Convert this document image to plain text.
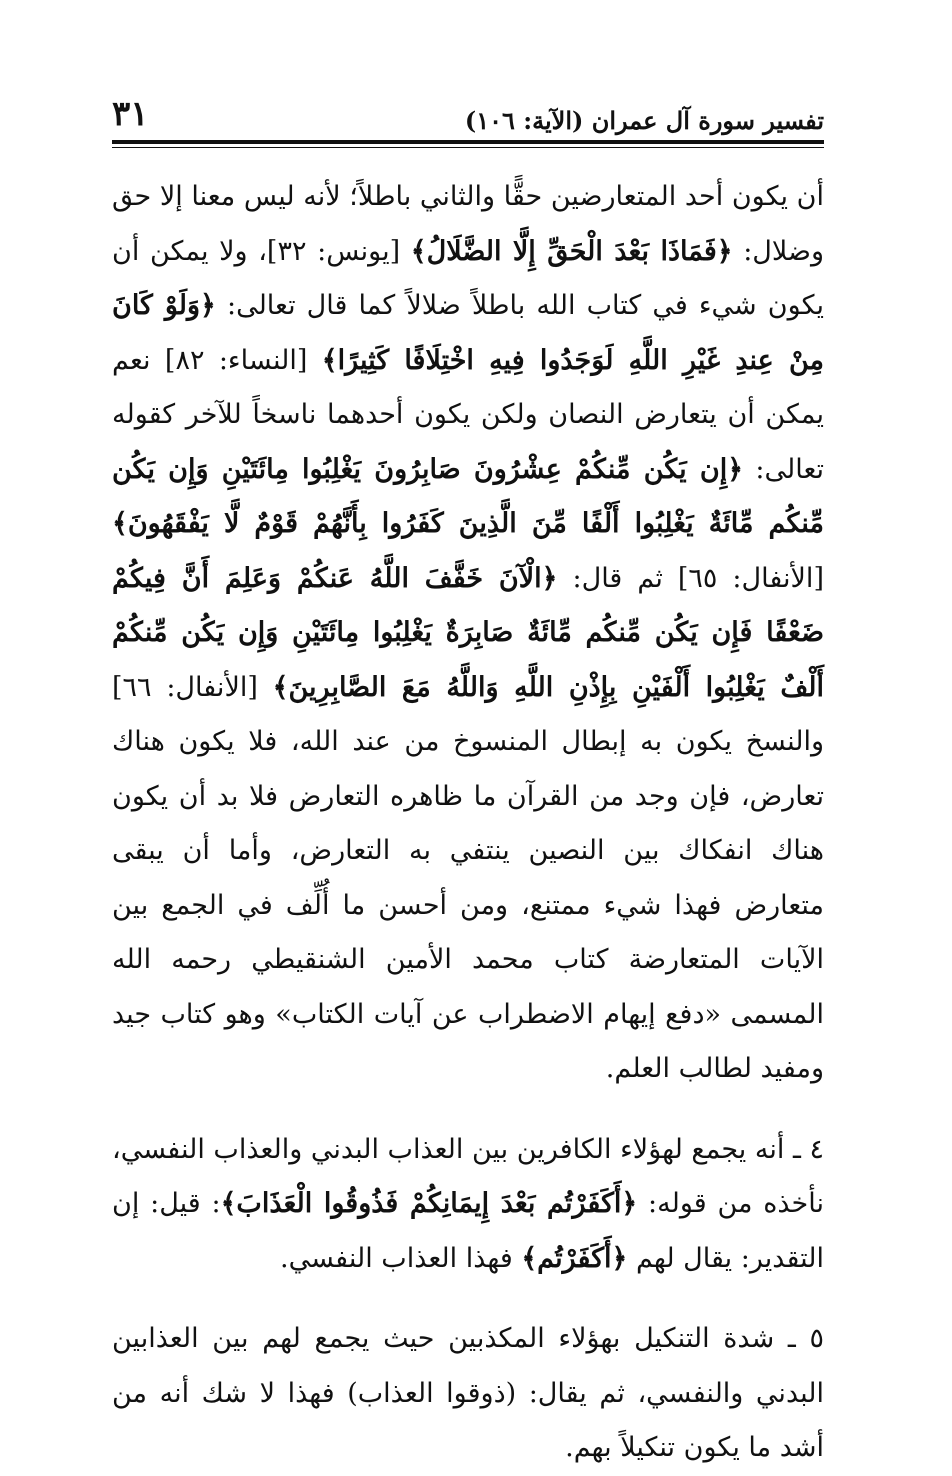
تفسير سورة آل عمران (الآية: ١٠٦)
٣١

أن يكون أحد المتعارضين حقًّا والثاني باطلاً؛ لأنه ليس معنا إلا حق وضلال: ﴿فَمَاذَا بَعْدَ الْحَقِّ إِلَّا الضَّلَالُ﴾ [يونس: ٣٢]، ولا يمكن أن يكون شيء في كتاب الله باطلاً ضلالاً كما قال تعالى: ﴿وَلَوْ كَانَ مِنْ عِندِ غَيْرِ اللَّهِ لَوَجَدُوا فِيهِ اخْتِلَافًا كَثِيرًا﴾ [النساء: ٨٢] نعم يمكن أن يتعارض النصان ولكن يكون أحدهما ناسخاً للآخر كقوله تعالى: ﴿إِن يَكُن مِّنكُمْ عِشْرُونَ صَابِرُونَ يَغْلِبُوا مِائَتَيْنِ وَإِن يَكُن مِّنكُم مِّائَةٌ يَغْلِبُوا أَلْفًا مِّنَ الَّذِينَ كَفَرُوا بِأَنَّهُمْ قَوْمٌ لَّا يَفْقَهُونَ﴾ [الأنفال: ٦٥] ثم قال: ﴿الْآنَ خَفَّفَ اللَّهُ عَنكُمْ وَعَلِمَ أَنَّ فِيكُمْ ضَعْفًا فَإِن يَكُن مِّنكُم مِّائَةٌ صَابِرَةٌ يَغْلِبُوا مِائَتَيْنِ وَإِن يَكُن مِّنكُمْ أَلْفٌ يَغْلِبُوا أَلْفَيْنِ بِإِذْنِ اللَّهِ وَاللَّهُ مَعَ الصَّابِرِينَ﴾ [الأنفال: ٦٦] والنسخ يكون به إبطال المنسوخ من عند الله، فلا يكون هناك تعارض، فإن وجد من القرآن ما ظاهره التعارض فلا بد أن يكون هناك انفكاك بين النصين ينتفي به التعارض، وأما أن يبقى متعارض فهذا شيء ممتنع، ومن أحسن ما أُلِّف في الجمع بين الآيات المتعارضة كتاب محمد الأمين الشنقيطي رحمه الله المسمى «دفع إيهام الاضطراب عن آيات الكتاب» وهو كتاب جيد ومفيد لطالب العلم.

٤ ـ أنه يجمع لهؤلاء الكافرين بين العذاب البدني والعذاب النفسي، نأخذه من قوله: ﴿أَكَفَرْتُم بَعْدَ إِيمَانِكُمْ فَذُوقُوا الْعَذَابَ﴾: قيل: إن التقدير: يقال لهم ﴿أَكَفَرْتُم﴾ فهذا العذاب النفسي.

٥ ـ شدة التنكيل بهؤلاء المكذبين حيث يجمع لهم بين العذابين البدني والنفسي، ثم يقال: (ذوقوا العذاب) فهذا لا شك أنه من أشد ما يكون تنكيلاً بهم.
